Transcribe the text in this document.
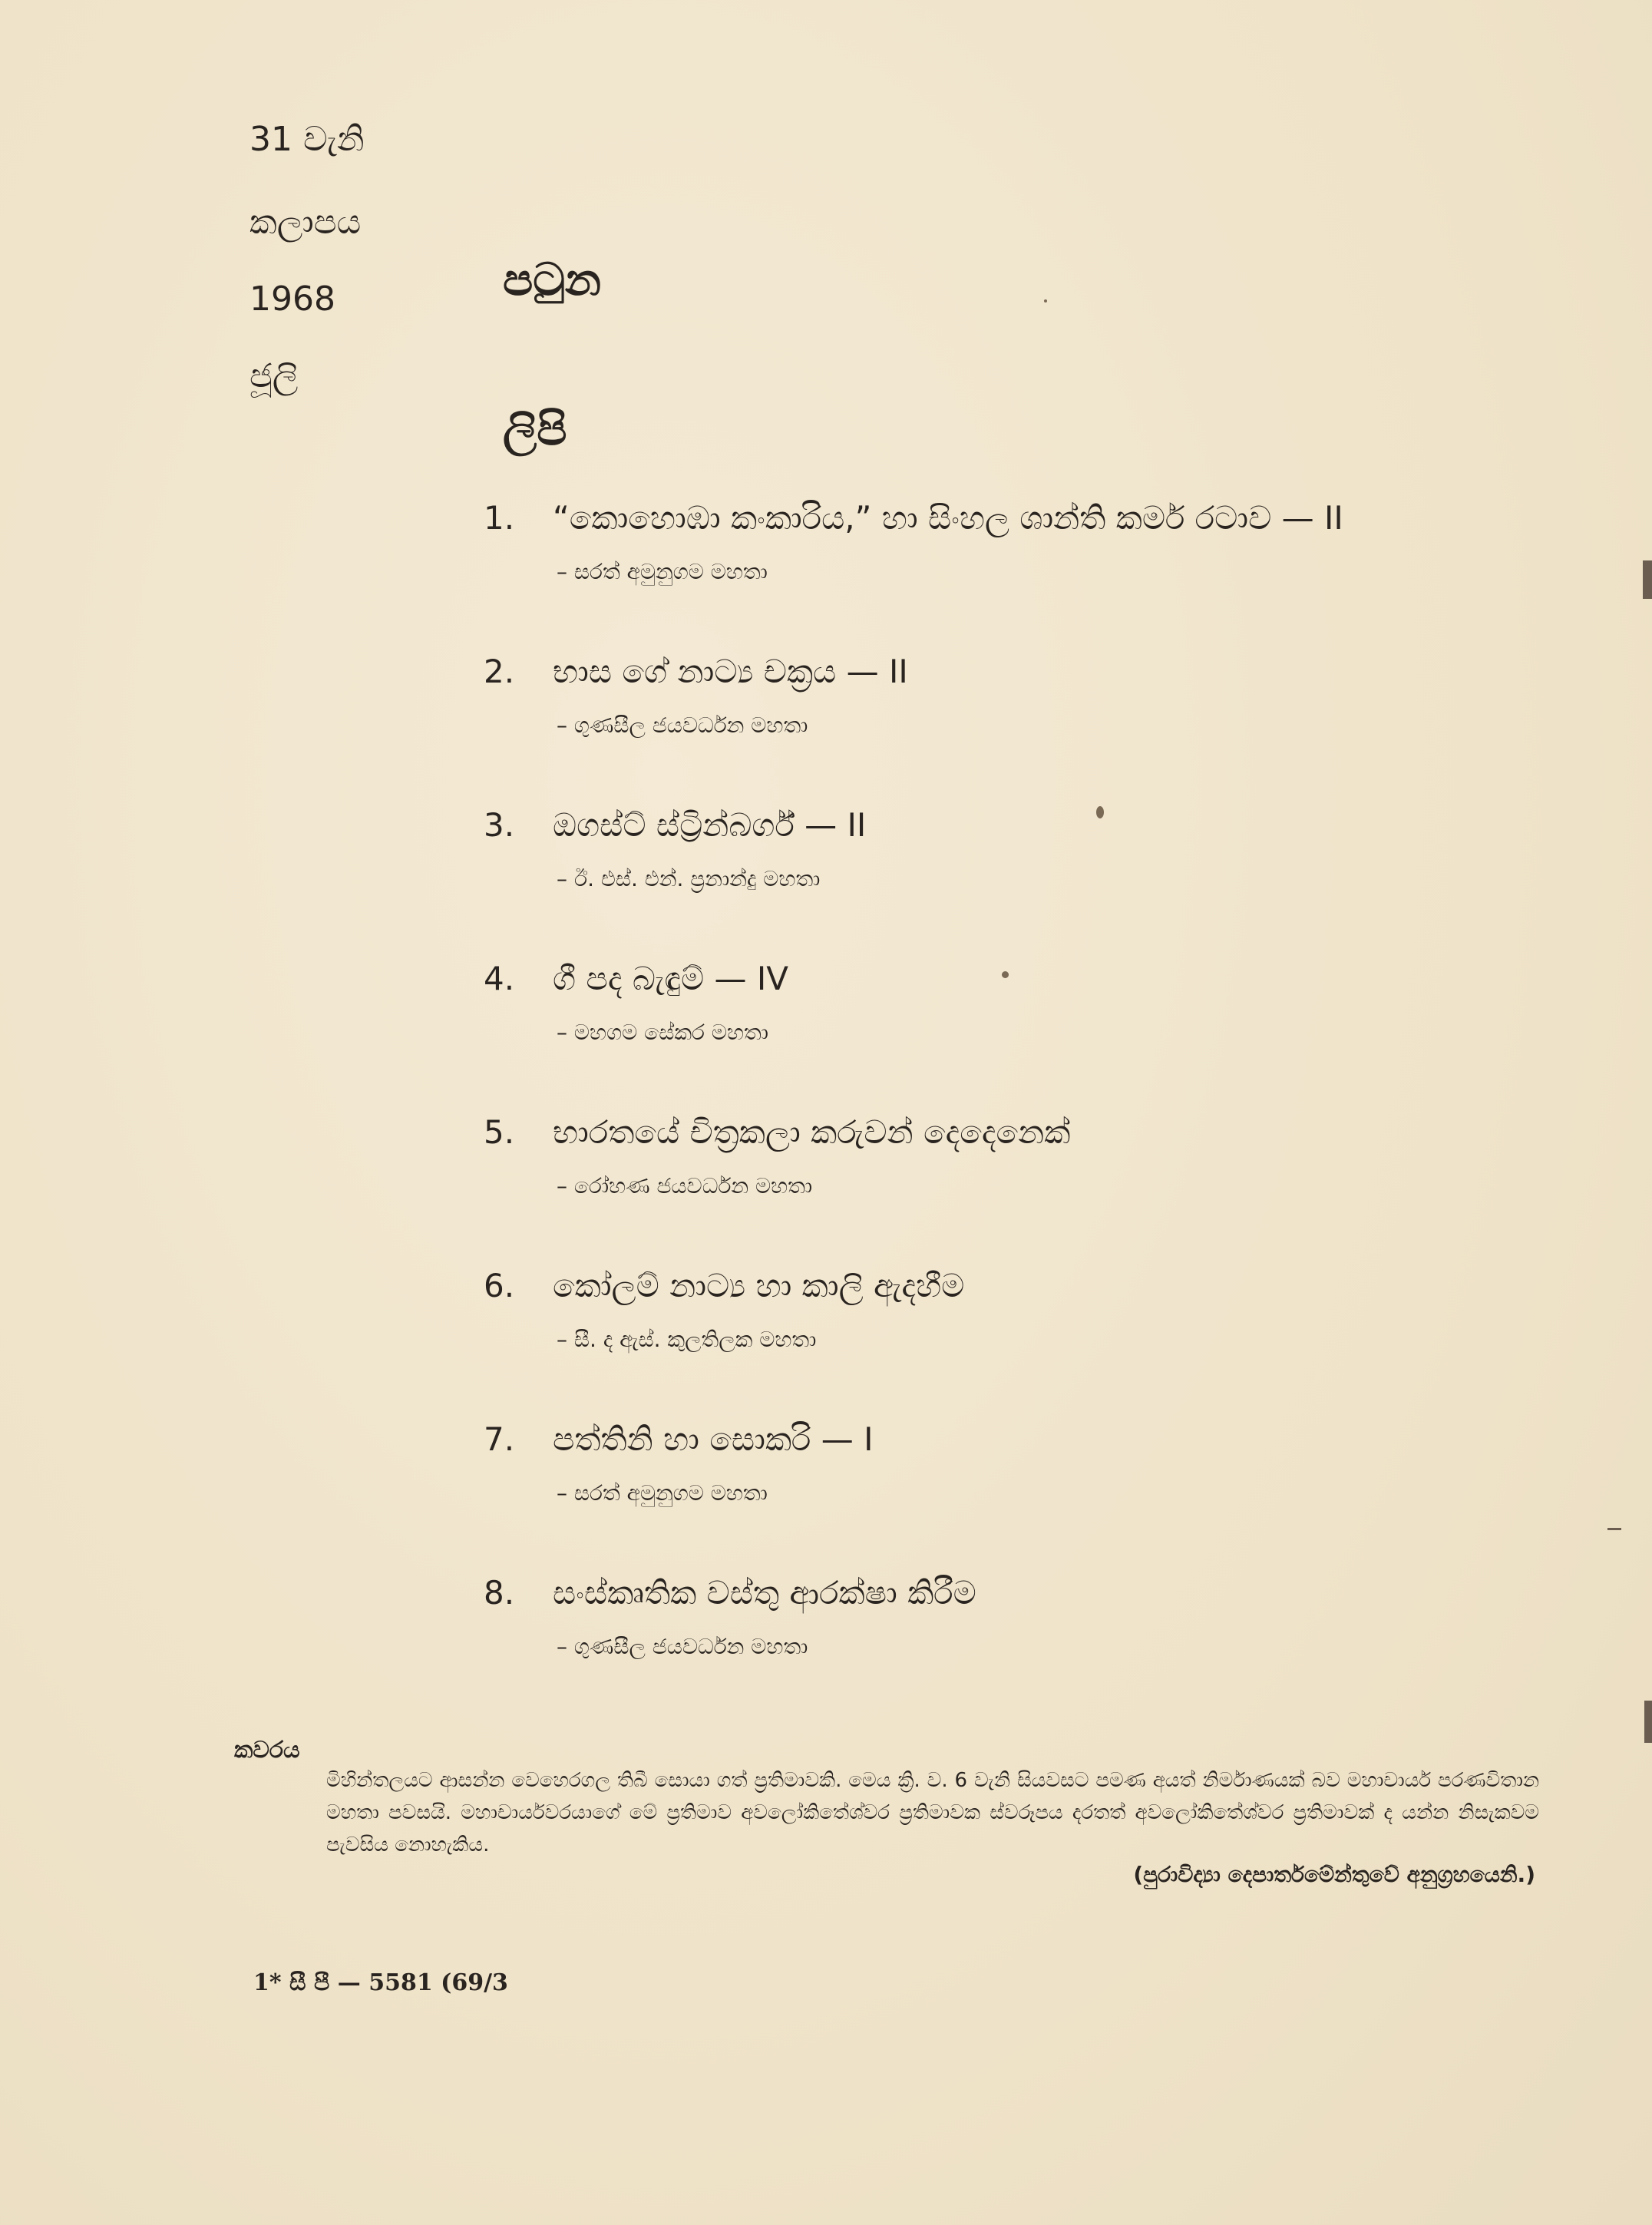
31 වැනි
කලාපය
1968
ජූලි
පටුන
ලිපි
1.	“කොහොඹා කංකාරිය,” හා සිංහල ශාන්ති කර්ම රටාව — II
– සරත් අමුනුගම මහතා
2.	භාස ගේ නාට්‍ය චක්‍රය — II
– ගුණසීල ජයවර්ධන මහතා
3.	ඔගස්ට් ස්ට්‍රින්බර්ග් — II
– ඊ. එස්. එන්. ප්‍රනාන්දු මහතා
4.	ගී පද බැඳුම් — IV
– මහගම සේකර මහතා
5.	භාරතයේ චිත්‍රකලා කරුවන් දෙදෙනෙක්
– රෝහණ ජයවර්ධන මහතා
6.	කෝලම් නාට්‍ය හා කාලි ඇදහීම
– සී. ද ඇස්. කුලතිලක මහතා
7.	පත්තිනි හා සොකරි — I
– සරත් අමුනුගම මහතා
8.	සංස්කෘතික වස්තු ආරක්ෂා කිරීම
– ගුණසීල ජයවර්ධන මහතා
කවරය
මිහින්තලයට ආසන්න වෙහෙරගල තිබී සොයා ගත් ප්‍රතිමාවකි. මෙය ක්‍රි. ව. 6 වැනි සියවසට පමණ අයත් නිර්මාණයක් බව මහාචාර්ය පරණවිතාන මහතා පවසයි. මහාචාර්යවරයාගේ මේ ප්‍රතිමාව අවලෝකිතේශ්වර ප්‍රතිමාවක ස්වරූපය දරතත් අවලෝකිතේශ්වර ප්‍රතිමාවක් ද යන්න නිසැකවම පැවසිය නොහැකිය.
(පුරාවිද්‍යා දෙපාර්තමේන්තුවේ අනුග්‍රහයෙනි.)
1* සී පී — 5581 (69/3
